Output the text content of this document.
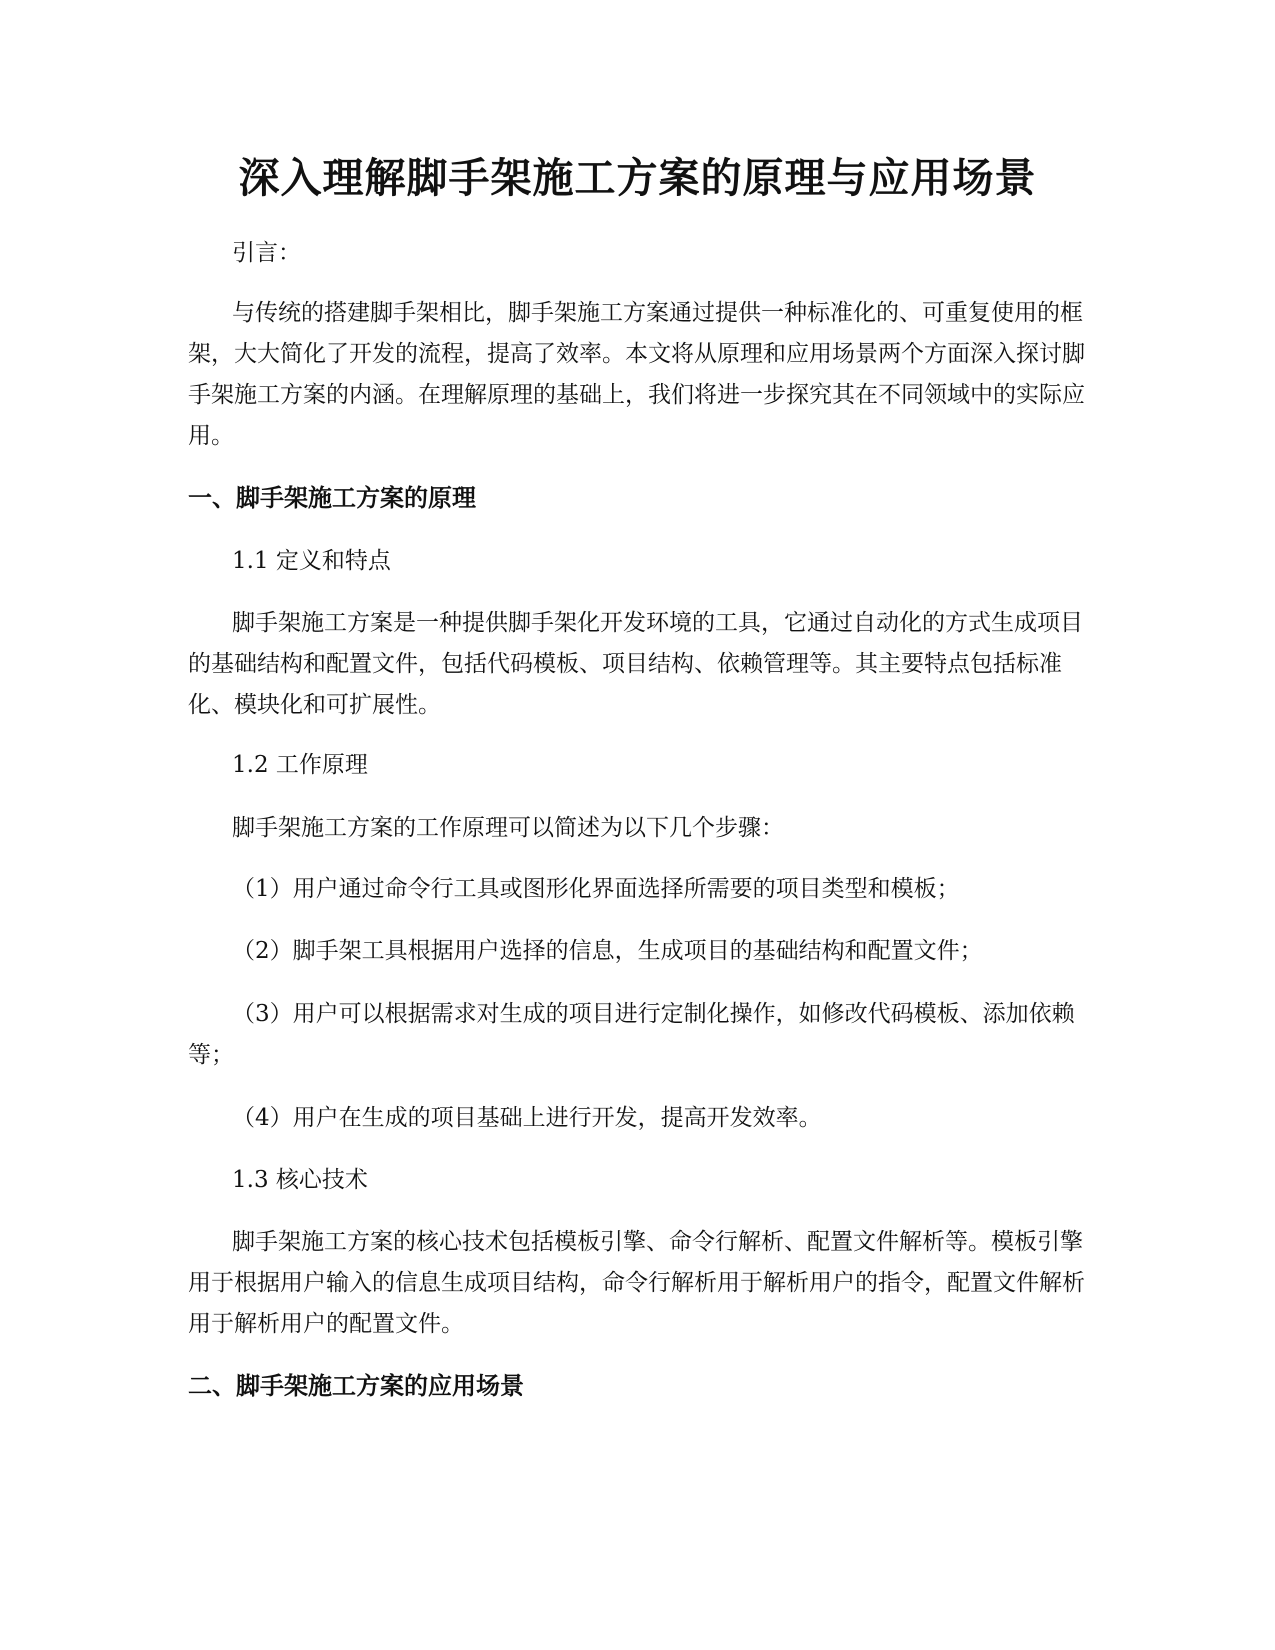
深入理解脚手架施工方案的原理与应用场景

引言：

与传统的搭建脚手架相比，脚手架施工方案通过提供一种标准化的、可重复使用的框架，大大简化了开发的流程，提高了效率。本文将从原理和应用场景两个方面深入探讨脚手架施工方案的内涵。在理解原理的基础上，我们将进一步探究其在不同领域中的实际应用。

一、脚手架施工方案的原理

1.1 定义和特点

脚手架施工方案是一种提供脚手架化开发环境的工具，它通过自动化的方式生成项目的基础结构和配置文件，包括代码模板、项目结构、依赖管理等。其主要特点包括标准化、模块化和可扩展性。

1.2 工作原理

脚手架施工方案的工作原理可以简述为以下几个步骤：

（1）用户通过命令行工具或图形化界面选择所需要的项目类型和模板；

（2）脚手架工具根据用户选择的信息，生成项目的基础结构和配置文件；

（3）用户可以根据需求对生成的项目进行定制化操作，如修改代码模板、添加依赖等；

（4）用户在生成的项目基础上进行开发，提高开发效率。

1.3 核心技术

脚手架施工方案的核心技术包括模板引擎、命令行解析、配置文件解析等。模板引擎用于根据用户输入的信息生成项目结构，命令行解析用于解析用户的指令，配置文件解析用于解析用户的配置文件。

二、脚手架施工方案的应用场景
